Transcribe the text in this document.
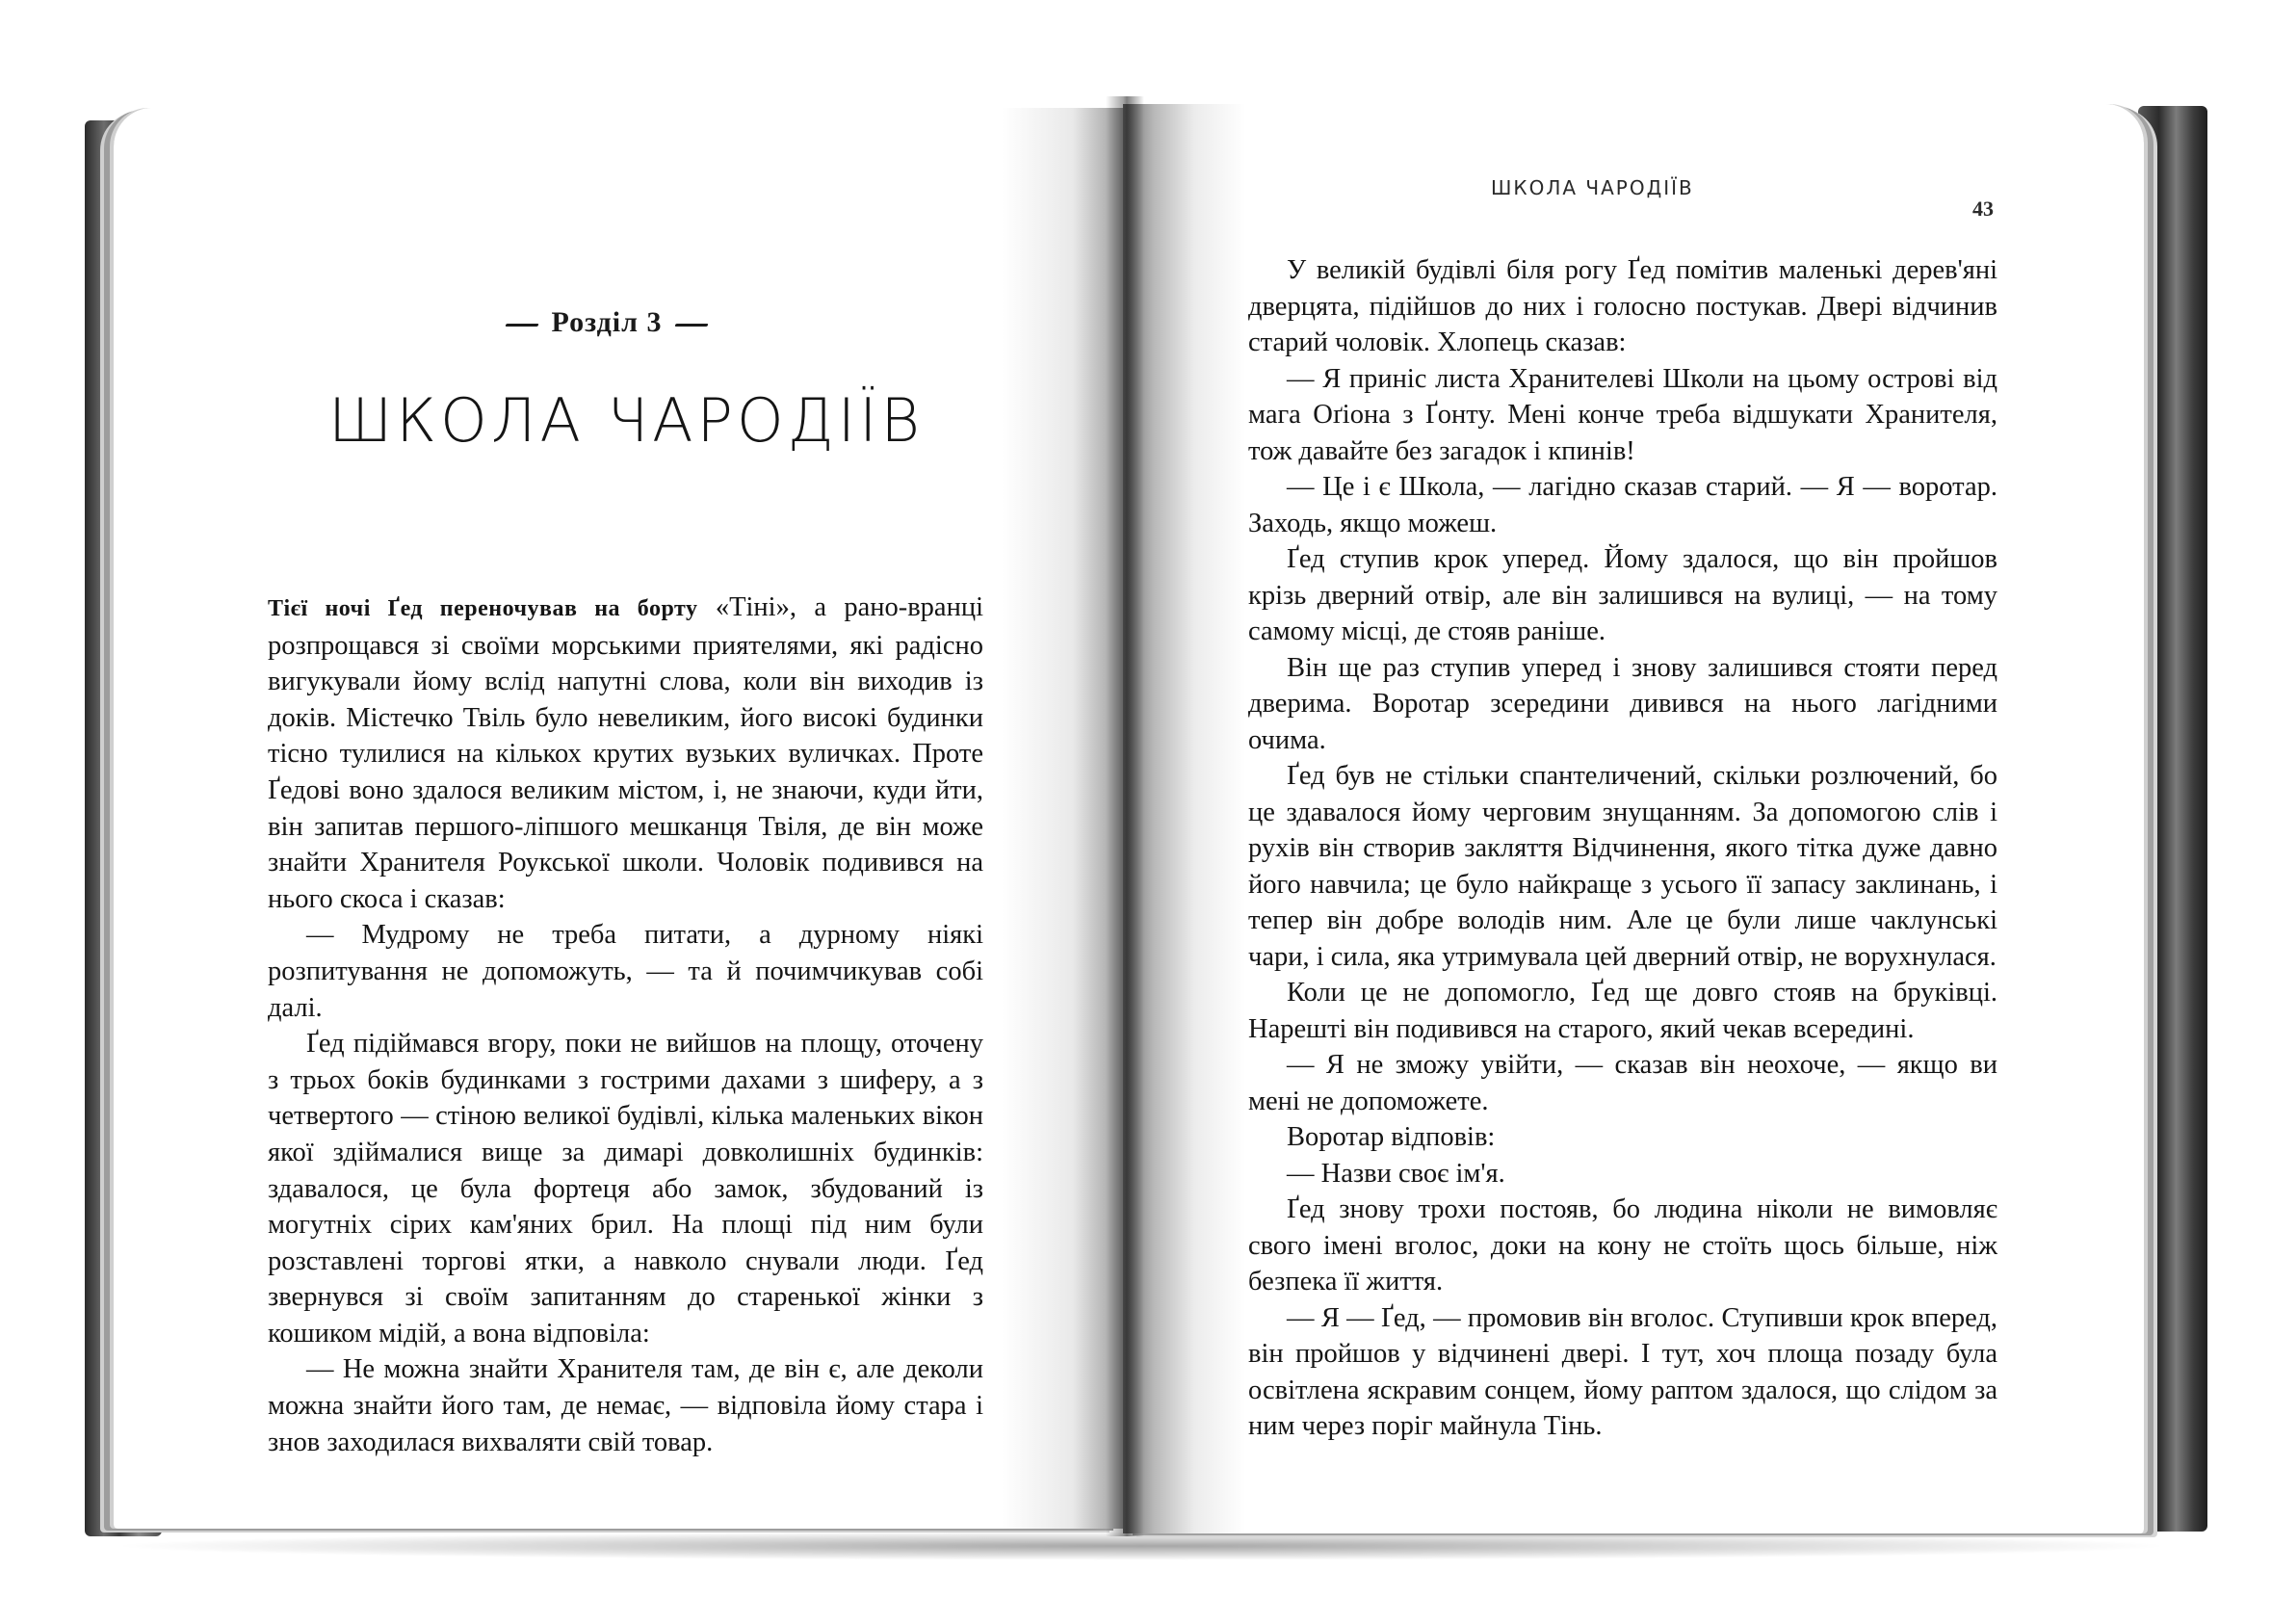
Розділ 3
ШКОЛА ЧАРОДІЇВ

Тієї ночі Ґед переночував на борту «Тіні», а рано-вранці розпрощався зі своїми морськими приятелями, які радісно вигукували йому вслід напутні слова, коли він виходив із доків. Містечко Твіль було невеликим, його високі будинки тісно тулилися на кількох крутих вузьких вуличках. Проте Ґедові воно здалося великим містом, і, не знаючи, куди йти, він запитав першого-ліпшого мешканця Твіля, де він може знайти Хранителя Роукської школи. Чоловік подивився на нього скоса і сказав:

— Мудрому не треба питати, а дурному ніякі розпитування не допоможуть, — та й почимчикував собі далі.

Ґед підіймався вгору, поки не вийшов на площу, оточену з трьох боків будинками з гострими дахами з шиферу, а з четвертого — стіною великої будівлі, кілька маленьких вікон якої здіймалися вище за димарі довколишніх будинків: здавалося, це була фортеця або замок, збудований із могутніх сірих кам'яних брил. На площі під ним були розставлені торгові ятки, а навколо снували люди. Ґед звернувся зі своїм запитанням до старенької жінки з кошиком мідій, а вона відповіла:

— Не можна знайти Хранителя там, де він є, але деколи можна знайти його там, де немає, — відповіла йому стара і знов заходилася вихваляти свій товар.

ШКОЛА ЧАРОДІЇВ
43

У великій будівлі біля рогу Ґед помітив маленькі дерев'яні дверцята, підійшов до них і голосно постукав. Двері відчинив старий чоловік. Хлопець сказав:

— Я приніс листа Хранителеві Школи на цьому острові від мага Оґіона з Ґонту. Мені конче треба відшукати Хранителя, тож давайте без загадок і кпинів!

— Це і є Школа, — лагідно сказав старий. — Я — воротар. Заходь, якщо можеш.

Ґед ступив крок уперед. Йому здалося, що він пройшов крізь дверний отвір, але він залишився на вулиці, — на тому самому місці, де стояв раніше.

Він ще раз ступив уперед і знову залишився стояти перед дверима. Воротар зсередини дивився на нього лагідними очима.

Ґед був не стільки спантеличений, скільки розлючений, бо це здавалося йому черговим знущанням. За допомогою слів і рухів він створив закляття Відчинення, якого тітка дуже давно його навчила; це було найкраще з усього її запасу заклинань, і тепер він добре володів ним. Але це були лише чаклунські чари, і сила, яка утримувала цей дверний отвір, не ворухнулася.

Коли це не допомогло, Ґед ще довго стояв на бруківці. Нарешті він подивився на старого, який чекав всередині.

— Я не зможу увійти, — сказав він неохоче, — якщо ви мені не допоможете.

Воротар відповів:

— Назви своє ім'я.

Ґед знову трохи постояв, бо людина ніколи не вимовляє свого імені вголос, доки на кону не стоїть щось більше, ніж безпека її життя.

— Я — Ґед, — промовив він вголос. Ступивши крок вперед, він пройшов у відчинені двері. І тут, хоч площа позаду була освітлена яскравим сонцем, йому раптом здалося, що слідом за ним через поріг майнула Тінь.
